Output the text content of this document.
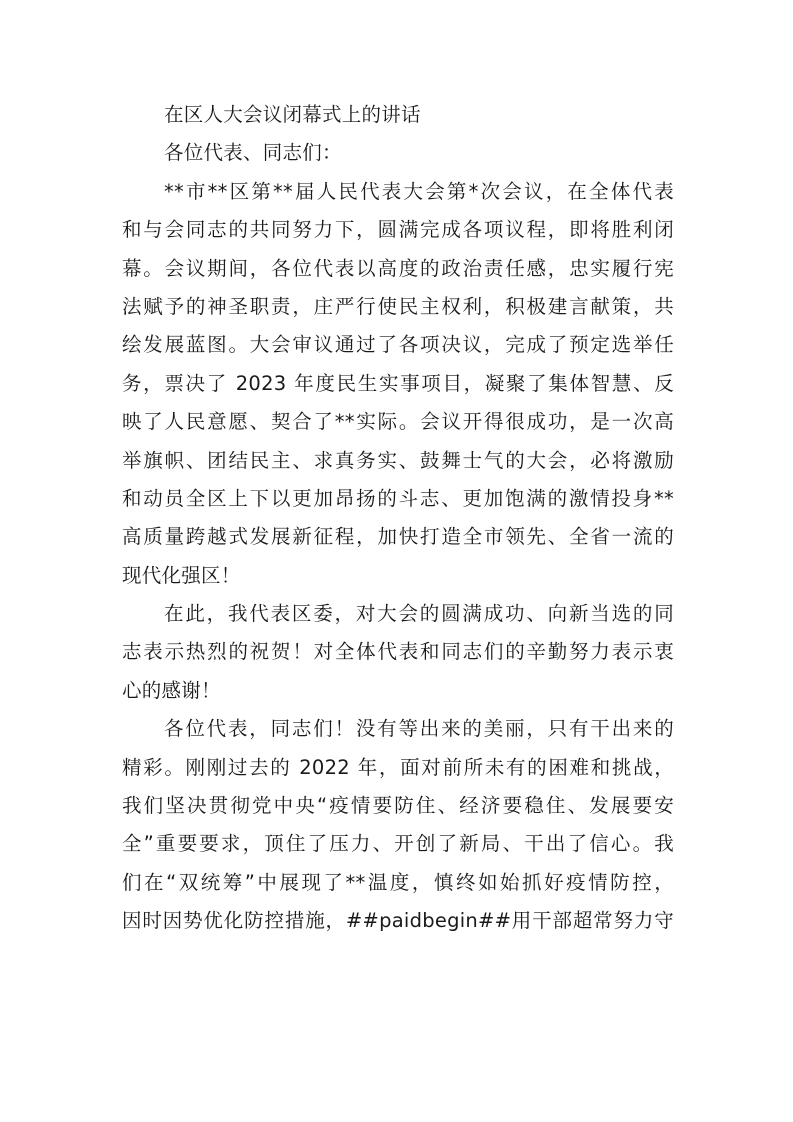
在区人大会议闭幕式上的讲话
各位代表、同志们：
**市**区第**届人民代表大会第*次会议，在全体代表
和与会同志的共同努力下，圆满完成各项议程，即将胜利闭
幕。会议期间，各位代表以高度的政治责任感，忠实履行宪
法赋予的神圣职责，庄严行使民主权利，积极建言献策，共
绘发展蓝图。大会审议通过了各项决议，完成了预定选举任
务，票决了 2023 年度民生实事项目，凝聚了集体智慧、反
映了人民意愿、契合了**实际。会议开得很成功，是一次高
举旗帜、团结民主、求真务实、鼓舞士气的大会，必将激励
和动员全区上下以更加昂扬的斗志、更加饱满的激情投身**
高质量跨越式发展新征程，加快打造全市领先、全省一流的
现代化强区！
在此，我代表区委，对大会的圆满成功、向新当选的同
志表示热烈的祝贺！对全体代表和同志们的辛勤努力表示衷
心的感谢！
各位代表，同志们！没有等出来的美丽，只有干出来的
精彩。刚刚过去的 2022 年，面对前所未有的困难和挑战，
我们坚决贯彻党中央“疫情要防住、经济要稳住、发展要安
全”重要要求，顶住了压力、开创了新局、干出了信心。我
们在“双统筹”中展现了**温度，慎终如始抓好疫情防控，
因时因势优化防控措施，##paidbegin##用干部超常努力守
